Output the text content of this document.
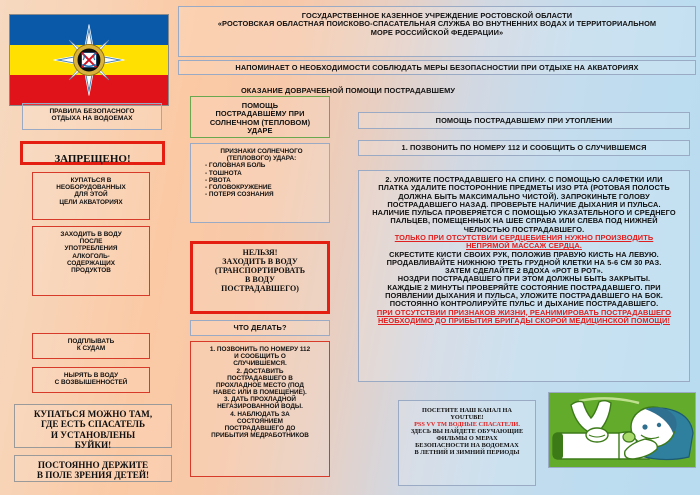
ГОСУДАРСТВЕННОЕ КАЗЕННОЕ УЧРЕЖДЕНИЕ РОСТОВСКОЙ ОБЛАСТИ
«РОСТОВСКАЯ ОБЛАСТНАЯ ПОИСКОВО-СПАСАТЕЛЬНАЯ СЛУЖБА ВО ВНУТНЕННИХ ВОДАХ И ТЕРРИТОРИАЛЬНОМ
МОРЕ РОССИЙСКОЙ ФЕДЕРАЦИИ»
НАПОМИНАЕТ О НЕОБХОДИМОСТИ СОБЛЮДАТЬ МЕРЫ БЕЗОПАСНОСТИИ ПРИ ОТДЫХЕ НА АКВАТОРИЯХ
ОКАЗАНИЕ ДОВРАЧЕБНОЙ ПОМОЩИ ПОСТРАДАВШЕМУ
ПРАВИЛА БЕЗОПАСНОГО
ОТДЫХА НА ВОДОЕМАХ
ЗАПРЕЩЕНО!
КУПАТЬСЯ В
НЕОБОРУДОВАННЫХ
ДЛЯ ЭТОЙ
ЦЕЛИ АКВАТОРИЯХ
ЗАХОДИТЬ В ВОДУ
ПОСЛЕ
УПОТРЕБЛЕНИЯ
АЛКОГОЛЬ-
СОДЕРЖАЩИХ
ПРОДУКТОВ
ПОДПЛЫВАТЬ
К СУДАМ
НЫРЯТЬ В ВОДУ
С ВОЗВЫШЕННОСТЕЙ
КУПАТЬСЯ МОЖНО ТАМ,
ГДЕ ЕСТЬ СПАСАТЕЛЬ
И УСТАНОВЛЕНЫ
БУЙКИ!
ПОСТОЯННО ДЕРЖИТЕ
В ПОЛЕ ЗРЕНИЯ ДЕТЕЙ!
ПОМОЩЬ
ПОСТРАДАВШЕМУ ПРИ
СОЛНЕЧНОМ (ТЕПЛОВОМ)
УДАРЕ
ПРИЗНАКИ СОЛНЕЧНОГО
(ТЕПЛОВОГО) УДАРА:
- ГОЛОВНАЯ БОЛЬ
- ТОШНОТА
- РВОТА
- ГОЛОВОКРУЖЕНИЕ
- ПОТЕРЯ СОЗНАНИЯ
НЕЛЬЗЯ!
ЗАХОДИТЬ В ВОДУ
(ТРАНСПОРТИРОВАТЬ
В ВОДУ
ПОСТРАДАВШЕГО)
ЧТО ДЕЛАТЬ?
1. ПОЗВОНИТЬ ПО НОМЕРУ 112
И СООБЩИТЬ О
СЛУЧИВШЕМСЯ.
2. ДОСТАВИТЬ
ПОСТРАДАВШЕГО В
ПРОХЛАДНОЕ МЕСТО (ПОД
НАВЕС ИЛИ В ПОМЕЩЕНИЕ).
3. ДАТЬ ПРОХЛАДНОЙ
НЕГАЗИРОВАННОЙ ВОДЫ.
4. НАБЛЮДАТЬ ЗА
СОСТОЯНИЕМ
ПОСТРАДАВШЕГО ДО
ПРИБЫТИЯ МЕДРАБОТНИКОВ
ПОМОЩЬ ПОСТРАДАВШЕМУ ПРИ УТОПЛЕНИИ
1. ПОЗВОНИТЬ ПО НОМЕРУ 112 И СООБЩИТЬ О СЛУЧИВШЕМСЯ
2. УЛОЖИТЕ ПОСТРАДАВШЕГО НА СПИНУ. С ПОМОЩЬЮ САЛФЕТКИ ИЛИ
ПЛАТКА УДАЛИТЕ ПОСТОРОННИЕ ПРЕДМЕТЫ ИЗО РТА (РОТОВАЯ ПОЛОСТЬ
ДОЛЖНА БЫТЬ МАКСИМАЛЬНО ЧИСТОЙ). ЗАПРОКИНЬТЕ ГОЛОВУ
ПОСТРАДАВШЕГО НАЗАД. ПРОВЕРЬТЕ НАЛИЧИЕ ДЫХАНИЯ И ПУЛЬСА.
НАЛИЧИЕ ПУЛЬСА ПРОВЕРЯЕТСЯ С ПОМОЩЬЮ УКАЗАТЕЛЬНОГО И СРЕДНЕГО
ПАЛЬЦЕВ, ПОМЕЩЕННЫХ НА ШЕЕ СПРАВА ИЛИ СЛЕВА ПОД НИЖНЕЙ
ЧЕЛЮСТЬЮ ПОСТРАДАВШЕГО.
ТОЛЬКО ПРИ ОТСУТСТВИИ СЕРДЦЕБИЕНИЯ НУЖНО ПРОИЗВОДИТЬ
НЕПРЯМОЙ МАССАЖ СЕРДЦА.
СКРЕСТИТЕ КИСТИ СВОИХ РУК, ПОЛОЖИВ ПРАВУЮ КИСТЬ НА ЛЕВУЮ.
ПРОДАВЛИВАЙТЕ НИЖНЮЮ ТРЕТЬ ГРУДНОЙ КЛЕТКИ НА 5-6 СМ 30 РАЗ.
ЗАТЕМ СДЕЛАЙТЕ 2 ВДОХА «РОТ В РОТ».
НОЗДРИ ПОСТРАДАВШЕГО ПРИ ЭТОМ ДОЛЖНЫ БЫТЬ ЗАКРЫТЫ.
КАЖДЫЕ 2 МИНУТЫ ПРОВЕРЯЙТЕ СОСТОЯНИЕ ПОСТРАДАВШЕГО. ПРИ
ПОЯВЛЕНИИ ДЫХАНИЯ И ПУЛЬСА, УЛОЖИТЕ ПОСТРАДАВШЕГО НА БОК.
ПОСТОЯННО КОНТРОЛИРУЙТЕ ПУЛЬС И ДЫХАНИЕ ПОСТРАДАВШЕГО.
ПРИ ОТСУТСТВИИ ПРИЗНАКОВ ЖИЗНИ, РЕАНИМИРОВАТЬ ПОСТРАДАВШЕГО
НЕОБХОДИМО ДО ПРИБЫТИЯ БРИГАДЫ СКОРОЙ МЕДИЦИНСКОЙ ПОМОЩИ!
ПОСЕТИТЕ НАШ КАНАЛ НА
YOUTUBE!
PSS VV TM ВОДНЫЕ СПАСАТЕЛИ.
ЗДЕСЬ ВЫ НАЙДЕТЕ ОБУЧАЮЩИЕ
ФИЛЬМЫ О МЕРАХ
БЕЗОПАСНОСТИ НА ВОДОЕМАХ
В ЛЕТНИЙ И ЗИМНИЙ ПЕРИОДЫ
